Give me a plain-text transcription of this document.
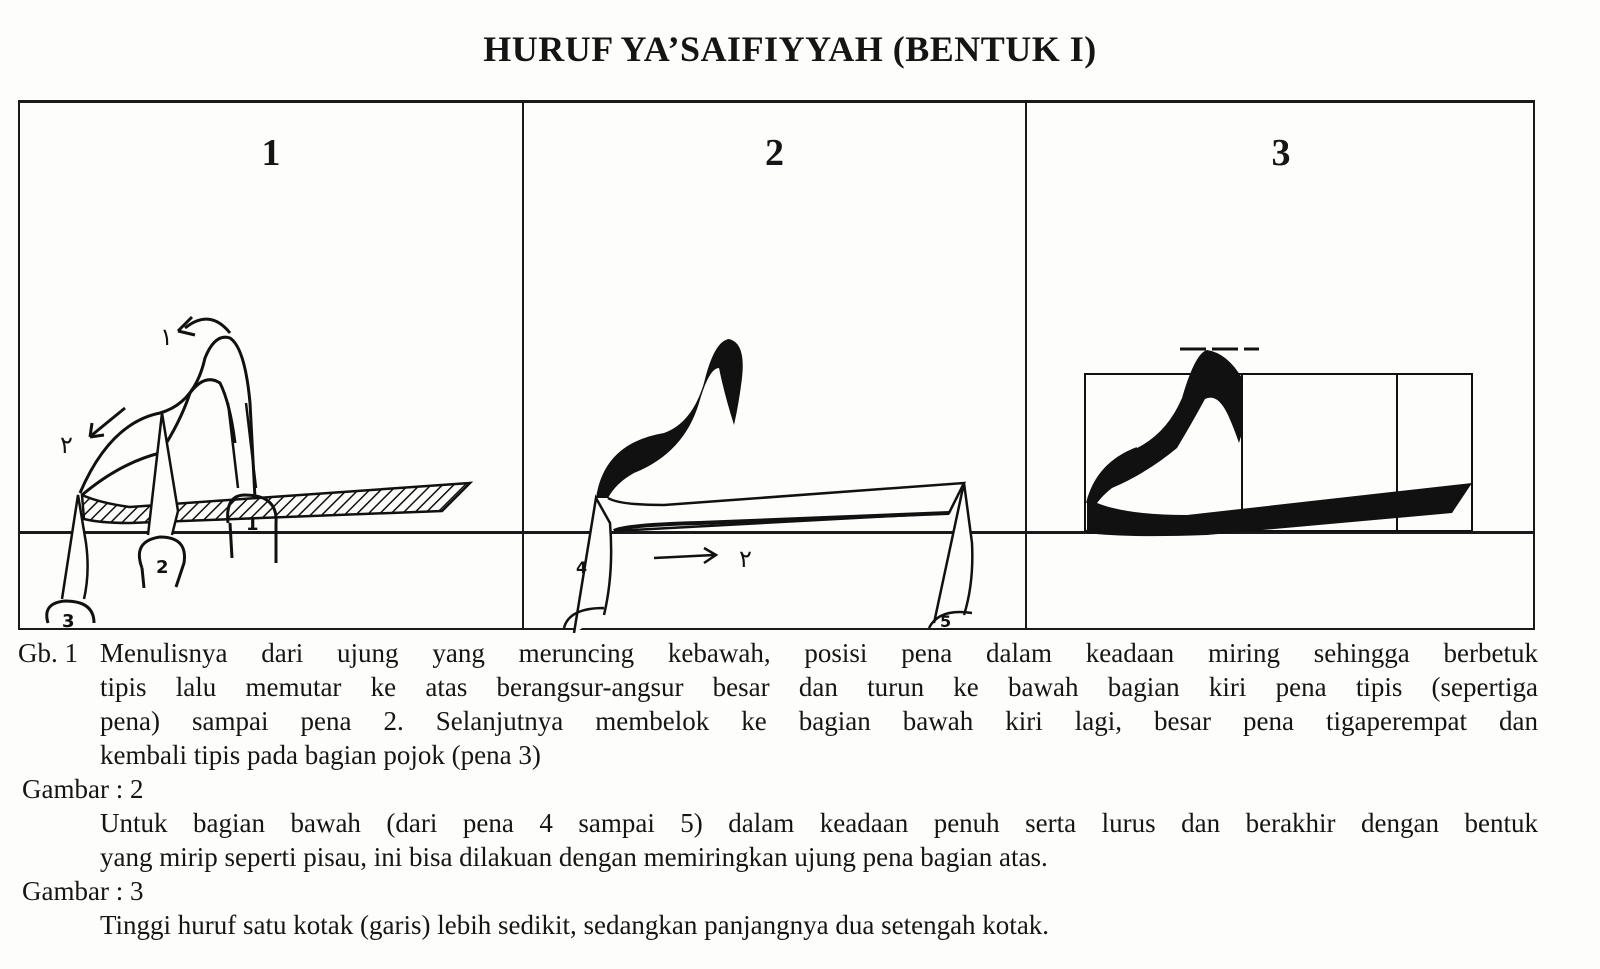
HURUF YA’SAIFIYYAH (BENTUK I)
1
١
٢
1
2
3
2
٢
4
5
3
Gb. 1 Menulisnya dari ujung yang meruncing kebawah, posisi pena dalam keadaan miring sehingga berbetuk
tipis lalu memutar ke atas berangsur-angsur besar dan turun ke bawah bagian kiri pena tipis (sepertiga
pena) sampai pena 2. Selanjutnya membelok ke bagian bawah kiri lagi, besar pena tigaperempat dan
kembali tipis pada bagian pojok (pena 3)
Gambar : 2
Untuk bagian bawah (dari pena 4 sampai 5) dalam keadaan penuh serta lurus dan berakhir dengan bentuk
yang mirip seperti pisau, ini bisa dilakuan dengan memiringkan ujung pena bagian atas.
Gambar : 3
Tinggi huruf satu kotak (garis) lebih sedikit, sedangkan panjangnya dua setengah kotak.
